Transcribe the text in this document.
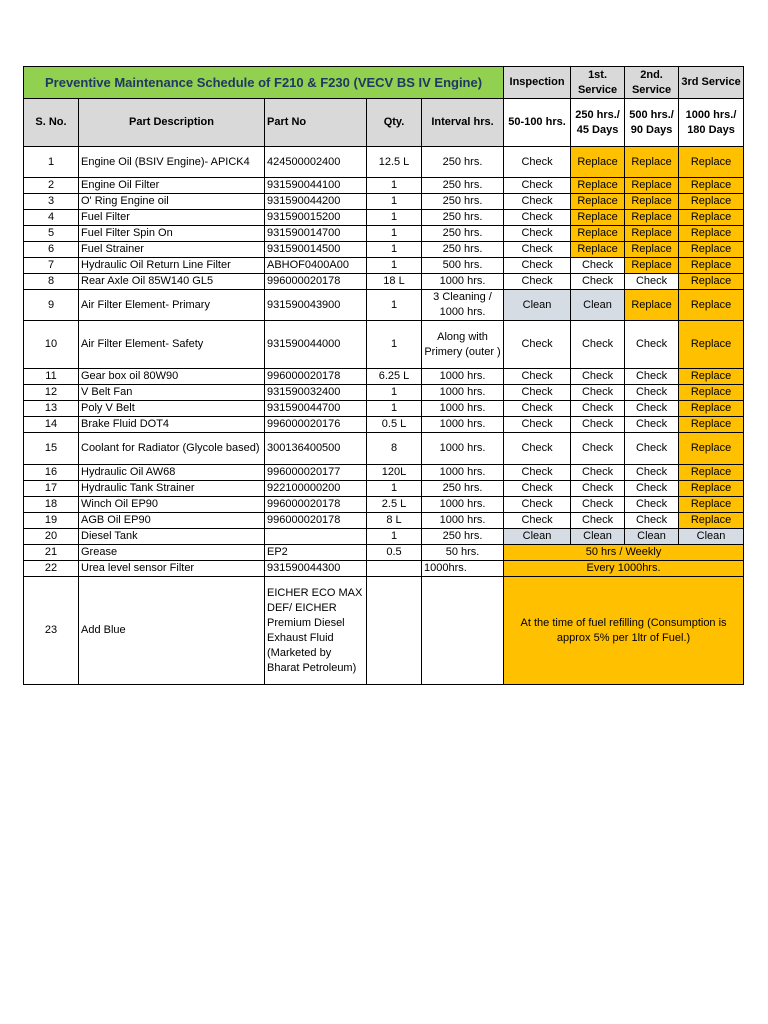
Preventive Maintenance Schedule of F210 & F230 (VECV BS IV Engine)					Inspection	1st. Service	2nd. Service	3rd Service
S. No.	Part Description	Part No	Qty.	Interval hrs.	50-100 hrs.	250 hrs./ 45 Days	500 hrs./ 90 Days	1000 hrs./ 180 Days
1	Engine Oil (BSIV Engine)- APICK4	424500002400	12.5 L	250 hrs.	Check	Replace	Replace	Replace
2	Engine Oil Filter	931590044100	1	250 hrs.	Check	Replace	Replace	Replace
3	O' Ring Engine oil	931590044200	1	250 hrs.	Check	Replace	Replace	Replace
4	Fuel Filter	931590015200	1	250 hrs.	Check	Replace	Replace	Replace
5	Fuel Filter Spin On	931590014700	1	250 hrs.	Check	Replace	Replace	Replace
6	Fuel Strainer	931590014500	1	250 hrs.	Check	Replace	Replace	Replace
7	Hydraulic Oil Return Line Filter	ABHOF0400A00	1	500 hrs.	Check	Check	Replace	Replace
8	Rear Axle Oil 85W140 GL5	996000020178	18 L	1000 hrs.	Check	Check	Check	Replace
9	Air Filter Element- Primary	931590043900	1	3 Cleaning / 1000 hrs.	Clean	Clean	Replace	Replace
10	Air Filter Element- Safety	931590044000	1	Along with Primery (outer )	Check	Check	Check	Replace
11	Gear box oil 80W90	996000020178	6.25 L	1000 hrs.	Check	Check	Check	Replace
12	V Belt Fan	931590032400	1	1000 hrs.	Check	Check	Check	Replace
13	Poly V Belt	931590044700	1	1000 hrs.	Check	Check	Check	Replace
14	Brake Fluid DOT4	996000020176	0.5 L	1000 hrs.	Check	Check	Check	Replace
15	Coolant for Radiator (Glycole based)	300136400500	8	1000 hrs.	Check	Check	Check	Replace
16	Hydraulic Oil AW68	996000020177	120L	1000 hrs.	Check	Check	Check	Replace
17	Hydraulic Tank Strainer	922100000200	1	250 hrs.	Check	Check	Check	Replace
18	Winch Oil EP90	996000020178	2.5 L	1000 hrs.	Check	Check	Check	Replace
19	AGB Oil EP90	996000020178	8 L	1000 hrs.	Check	Check	Check	Replace
20	Diesel Tank		1	250 hrs.	Clean	Clean	Clean	Clean
21	Grease	EP2	0.5	50 hrs.	50 hrs / Weekly			
22	Urea level sensor Filter	931590044300		1000hrs.	Every 1000hrs.			
23	Add Blue	EICHER ECO MAX DEF/ EICHER Premium Diesel Exhaust Fluid (Marketed by Bharat Petroleum)			At the time of fuel refilling (Consumption is approx 5% per 1ltr of Fuel.)			
